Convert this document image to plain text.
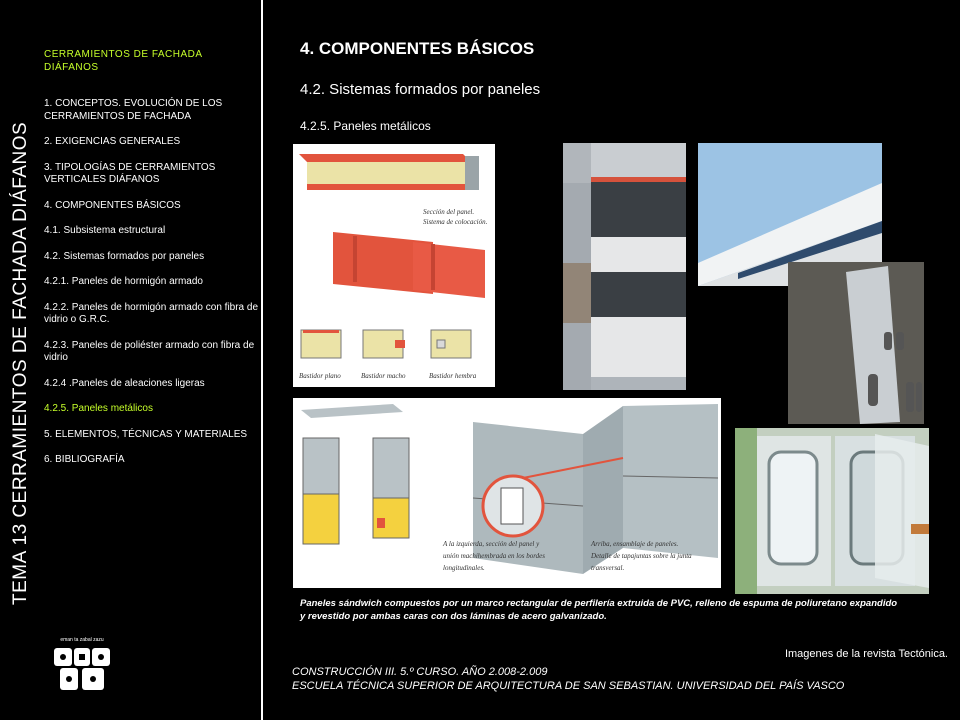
TEMA 13 CERRAMIENTOS DE FACHADA DIÁFANOS
CERRAMIENTOS DE FACHADA DIÁFANOS
1. CONCEPTOS. EVOLUCIÓN DE LOS CERRAMIENTOS DE FACHADA
2. EXIGENCIAS GENERALES
3. TIPOLOGÍAS DE CERRAMIENTOS VERTICALES DIÁFANOS
4. COMPONENTES BÁSICOS
4.1. Subsistema estructural
4.2. Sistemas formados por paneles
4.2.1. Paneles de hormigón armado
4.2.2. Paneles de hormigón armado con fibra de vidrio o G.R.C.
4.2.3. Paneles de poliéster armado con fibra de vidrio
4.2.4 .Paneles de aleaciones ligeras
4.2.5. Paneles metálicos
5. ELEMENTOS, TÉCNICAS Y MATERIALES
6. BIBLIOGRAFÍA
eman ta zabal zazu
4. COMPONENTES BÁSICOS
4.2. Sistemas formados por paneles
4.2.5. Paneles metálicos
Sección del panel.
Sistema de colocación.
Bastidor plano	Bastidor macho	Bastidor hembra
A la izquierda, sección del panel y
unión machihembrada en los bordes
longitudinales.
Arriba, ensamblaje de paneles.
Detalle de tapajuntas sobre la junta
transversal.
Paneles sándwich compuestos por un marco rectangular de perfilería extruida de PVC, relleno de espuma de poliuretano expandido y revestido por ambas caras con dos láminas de acero galvanizado.
Imagenes de la revista Tectónica.
CONSTRUCCIÓN III. 5.º CURSO. AÑO 2.008-2.009
ESCUELA TÉCNICA SUPERIOR DE ARQUITECTURA DE SAN SEBASTIAN. UNIVERSIDAD DEL PAÍS VASCO
